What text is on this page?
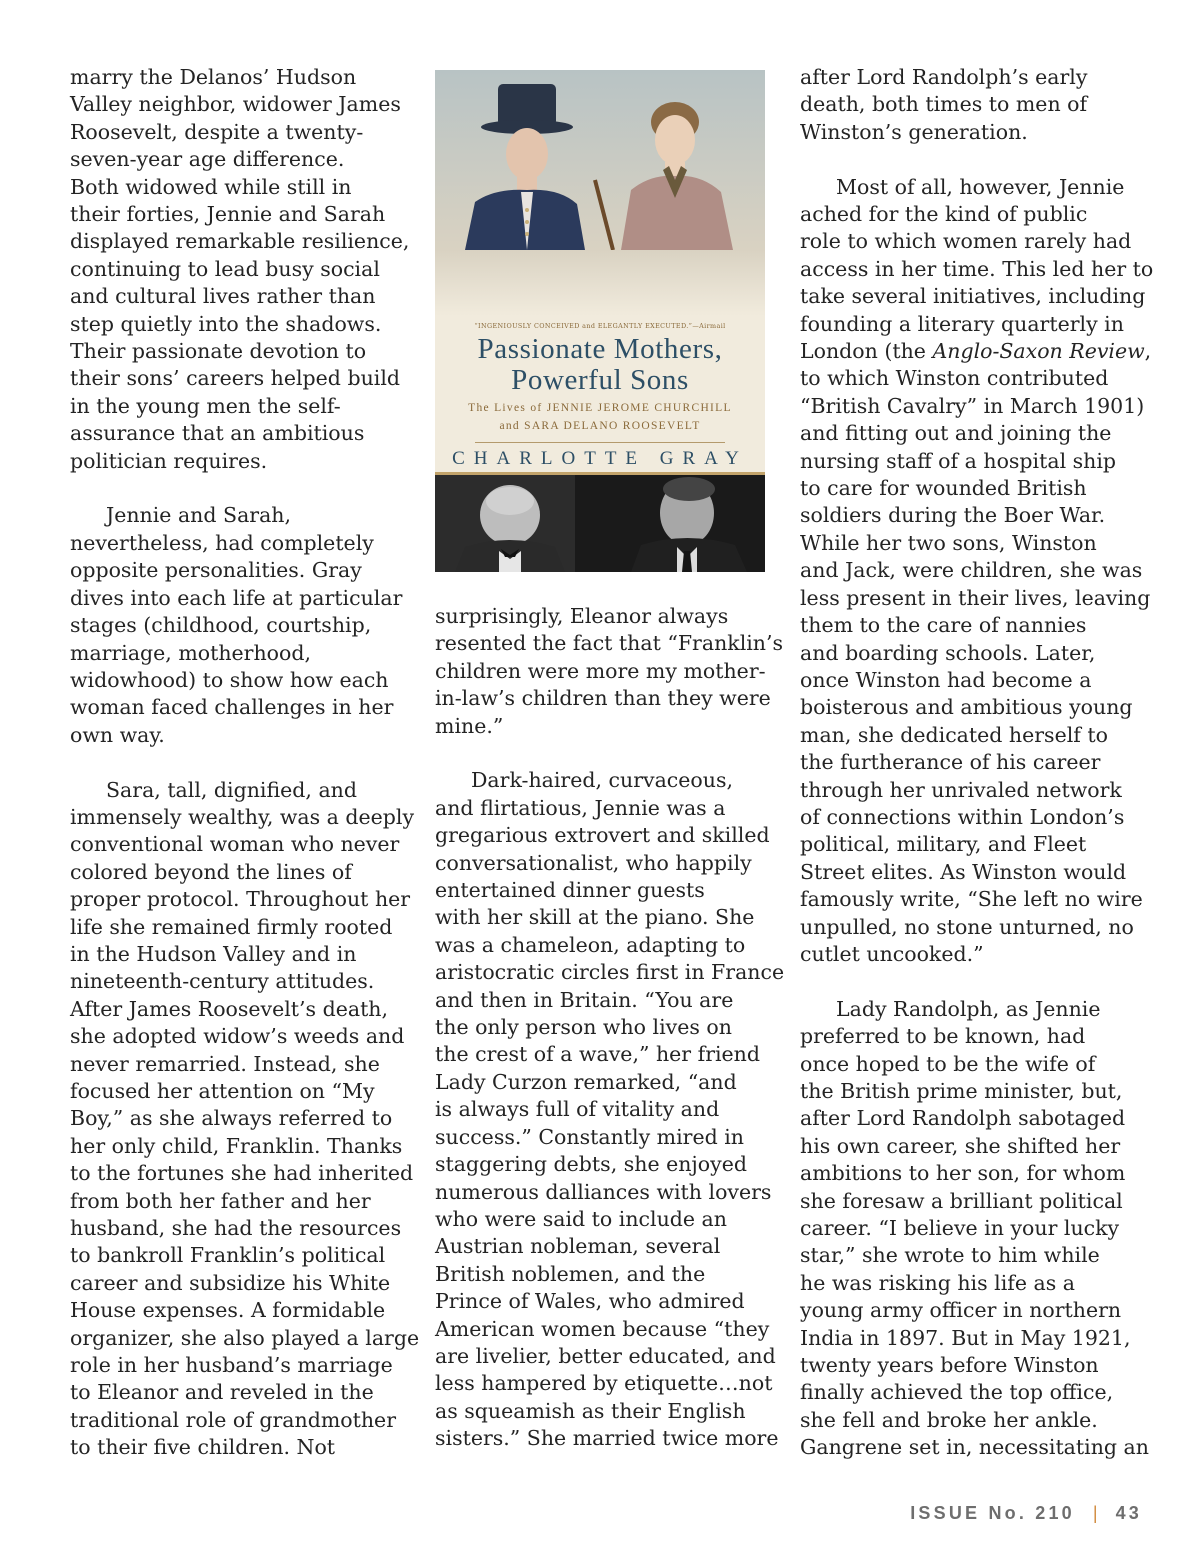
marry the Delanos’ Hudson
Valley neighbor, widower James
Roosevelt, despite a twenty-
seven-year age difference.
Both widowed while still in
their forties, Jennie and Sarah
displayed remarkable resilience,
continuing to lead busy social
and cultural lives rather than
step quietly into the shadows.
Their passionate devotion to
their sons’ careers helped build
in the young men the self-
assurance that an ambitious
politician requires.

Jennie and Sarah,
nevertheless, had completely
opposite personalities. Gray
dives into each life at particular
stages (childhood, courtship,
marriage, motherhood,
widowhood) to show how each
woman faced challenges in her
own way.

Sara, tall, dignified, and
immensely wealthy, was a deeply
conventional woman who never
colored beyond the lines of
proper protocol. Throughout her
life she remained firmly rooted
in the Hudson Valley and in
nineteenth-century attitudes.
After James Roosevelt’s death,
she adopted widow’s weeds and
never remarried. Instead, she
focused her attention on “My
Boy,” as she always referred to
her only child, Franklin. Thanks
to the fortunes she had inherited
from both her father and her
husband, she had the resources
to bankroll Franklin’s political
career and subsidize his White
House expenses. A formidable
organizer, she also played a large
role in her husband’s marriage
to Eleanor and reveled in the
traditional role of grandmother
to their five children. Not

“INGENIOUSLY CONCEIVED and ELEGANTLY EXECUTED.”—Airmail
Passionate Mothers,
Powerful Sons
The Lives of JENNIE JEROME CHURCHILL
and SARA DELANO ROOSEVELT
CHARLOTTE GRAY

surprisingly, Eleanor always
resented the fact that “Franklin’s
children were more my mother-
in-law’s children than they were
mine.”

Dark-haired, curvaceous,
and flirtatious, Jennie was a
gregarious extrovert and skilled
conversationalist, who happily
entertained dinner guests
with her skill at the piano. She
was a chameleon, adapting to
aristocratic circles first in France
and then in Britain. “You are
the only person who lives on
the crest of a wave,” her friend
Lady Curzon remarked, “and
is always full of vitality and
success.” Constantly mired in
staggering debts, she enjoyed
numerous dalliances with lovers
who were said to include an
Austrian nobleman, several
British noblemen, and the
Prince of Wales, who admired
American women because “they
are livelier, better educated, and
less hampered by etiquette…not
as squeamish as their English
sisters.” She married twice more

after Lord Randolph’s early
death, both times to men of
Winston’s generation.

Most of all, however, Jennie
ached for the kind of public
role to which women rarely had
access in her time. This led her to
take several initiatives, including
founding a literary quarterly in
London (the Anglo-Saxon Review,
to which Winston contributed
“British Cavalry” in March 1901)
and fitting out and joining the
nursing staff of a hospital ship
to care for wounded British
soldiers during the Boer War.
While her two sons, Winston
and Jack, were children, she was
less present in their lives, leaving
them to the care of nannies
and boarding schools. Later,
once Winston had become a
boisterous and ambitious young
man, she dedicated herself to
the furtherance of his career
through her unrivaled network
of connections within London’s
political, military, and Fleet
Street elites. As Winston would
famously write, “She left no wire
unpulled, no stone unturned, no
cutlet uncooked.”

Lady Randolph, as Jennie
preferred to be known, had
once hoped to be the wife of
the British prime minister, but,
after Lord Randolph sabotaged
his own career, she shifted her
ambitions to her son, for whom
she foresaw a brilliant political
career. “I believe in your lucky
star,” she wrote to him while
he was risking his life as a
young army officer in northern
India in 1897. But in May 1921,
twenty years before Winston
finally achieved the top office,
she fell and broke her ankle.
Gangrene set in, necessitating an

ISSUE No. 210 | 43
